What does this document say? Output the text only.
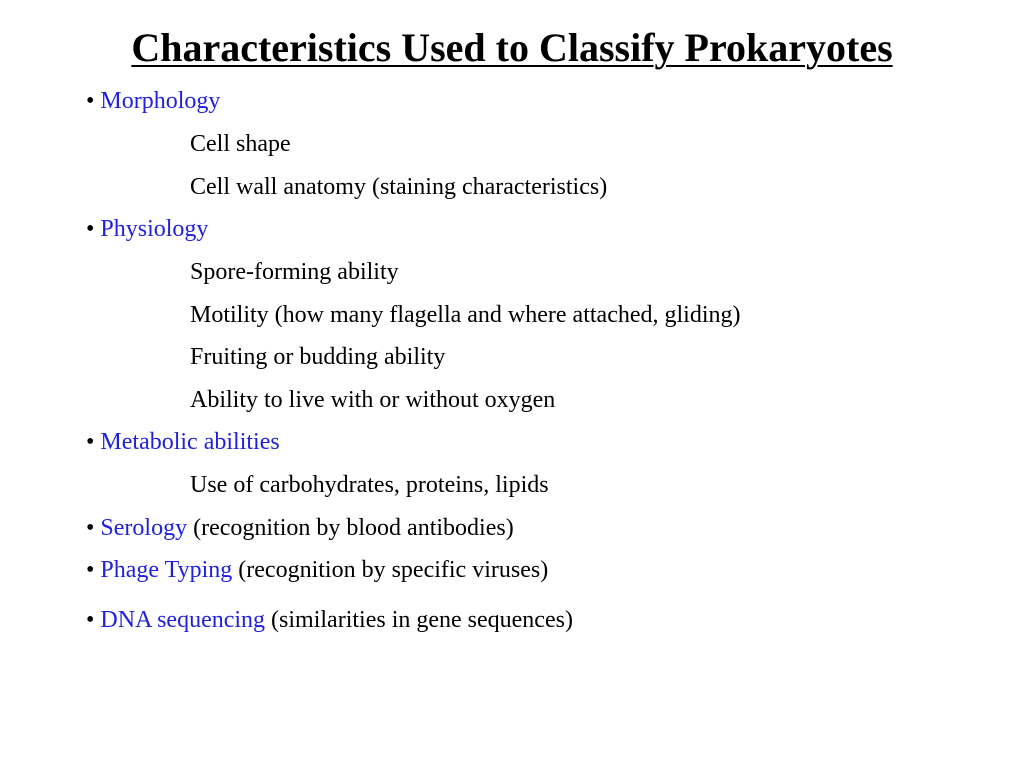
Characteristics Used to Classify Prokaryotes
• Morphology
Cell shape
Cell wall anatomy (staining characteristics)
• Physiology
Spore-forming ability
Motility (how many flagella and where attached, gliding)
Fruiting or budding ability
Ability to live with or without oxygen
• Metabolic abilities
Use of carbohydrates, proteins, lipids
• Serology (recognition by blood antibodies)
• Phage Typing (recognition by specific viruses)
• DNA sequencing (similarities in gene sequences)
